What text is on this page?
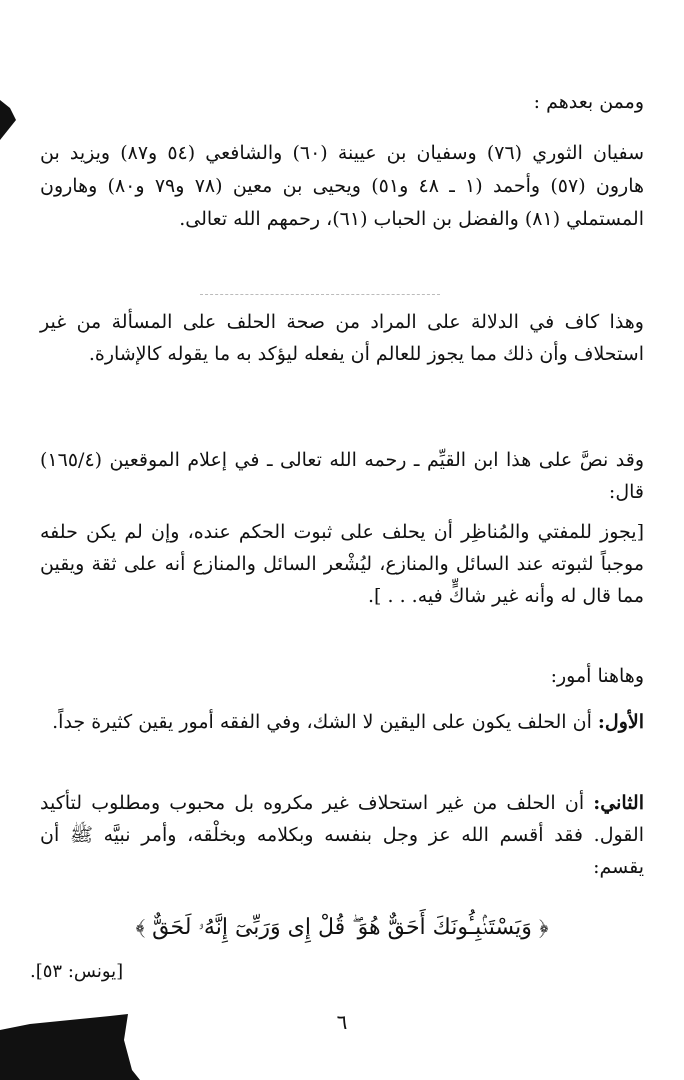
وممن بعدهم :
سفيان الثوري (٧٦) وسفيان بن عيينة (٦٠) والشافعي (٥٤ و٨٧) ويزيد بن هارون (٥٧) وأحمد (١ ـ ٤٨ و٥١) ويحيى بن معين (٧٨ و٧٩ و٨٠) وهارون المستملي (٨١) والفضل بن الحباب (٦١)، رحمهم الله تعالى.
وهذا كاف في الدلالة على المراد من صحة الحلف على المسألة من غير استحلاف وأن ذلك مما يجوز للعالم أن يفعله ليؤكد به ما يقوله كالإشارة.
وقد نصَّ على هذا ابن القيِّم ـ رحمه الله تعالى ـ في إعلام الموقعين (١٦٥/٤) قال:
[يجوز للمفتي والمُناظِر أن يحلف على ثبوت الحكم عنده، وإن لم يكن حلفه موجباً لثبوته عند السائل والمنازع، ليُشْعر السائل والمنازع أنه على ثقة ويقين مما قال له وأنه غير شاكٍّ فيه. . . ].
وهاهنا أمور:
الأول: أن الحلف يكون على اليقين لا الشك، وفي الفقه أمور يقين كثيرة جداً.
الثاني: أن الحلف من غير استحلاف غير مكروه بل محبوب ومطلوب لتأكيد القول. فقد أقسم الله عز وجل بنفسه وبكلامه وبخلْقه، وأمر نبيَّه ﷺ أن يقسم:
﴿ وَيَسْتَنۢبِـُٔونَكَ أَحَقٌّ هُوَ ۖ قُلْ إِى وَرَبِّىٓ إِنَّهُۥ لَحَقٌّ ﴾
[يونس: ٥٣].
٦
